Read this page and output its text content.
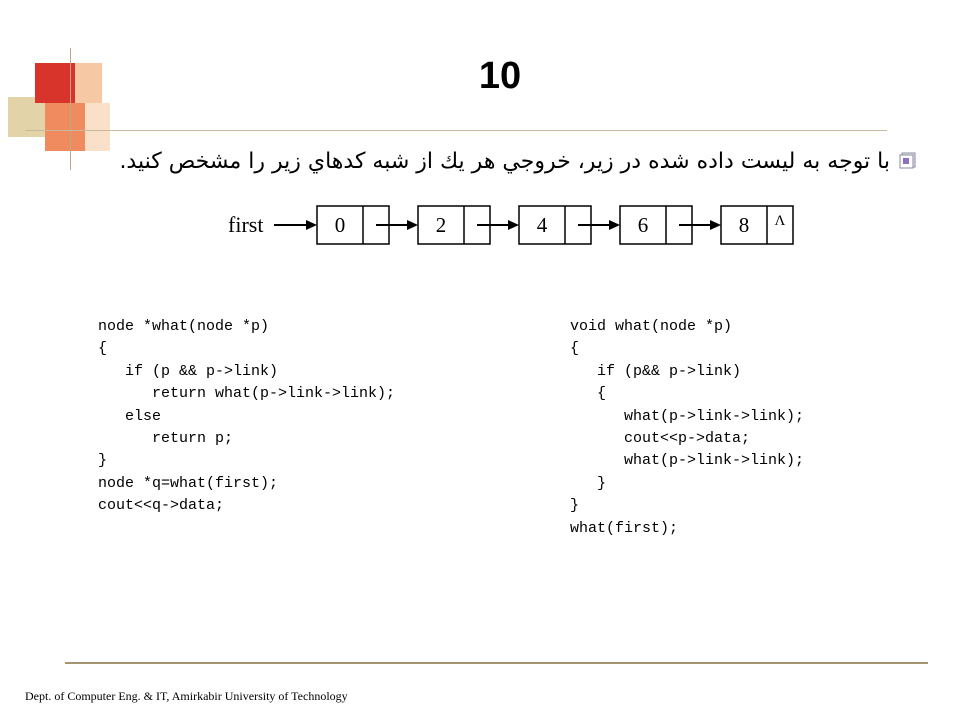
10
با توجه به ليست داده شده در زير، خروجي هر يك از شبه كدهاي زير را مشخص كنيد.
first	0	2	4	6	8 Λ
node *what(node *p)
{
if (p && p->link)
return what(p->link->link);
else
return p;
}
node *q=what(first);
cout<<q->data;
void what(node *p)
{
if (p&& p->link)
{
what(p->link->link);
cout<<p->data;
what(p->link->link);
}
}
what(first);
Dept. of Computer Eng. & IT, Amirkabir University of Technology
